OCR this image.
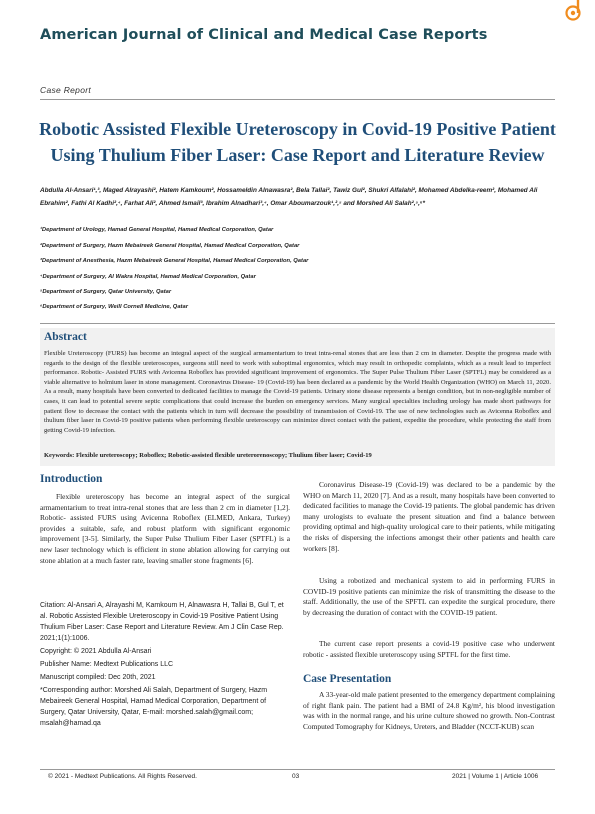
American Journal of Clinical and Medical Case Reports
Case Report
Robotic Assisted Flexible Ureteroscopy in Covid-19 Positive Patient Using Thulium Fiber Laser: Case Report and Literature Review
Abdulla Al-Ansari¹,³, Maged Alrayashi², Hatem Kamkoum², Hossameldin Alnawasra², Bela Tallai², Tawiz Gul², Shukri Alfalahi², Mohamed Abdelka-reem², Mohamed Ali Ebrahim², Fathi Al Kadhi²,⁴, Farhat Ali², Ahmed Ismail³, Ibrahim Alnadhari³,⁴, Omar Aboumarzouk¹,²,⁵ and Morshed Ali Salah²,⁵,⁶*
¹Department of Urology, Hamad General Hospital, Hamad Medical Corporation, Qatar
²Department of Surgery, Hazm Mebaireek General Hospital, Hamad Medical Corporation, Qatar
³Department of Anesthesia, Hazm Mebaireek General Hospital, Hamad Medical Corporation, Qatar
⁴Department of Surgery, Al Wakra Hospital, Hamad Medical Corporation, Qatar
⁵Department of Surgery, Qatar University, Qatar
⁶Department of Surgery, Weill Cornell Medicine, Qatar
Abstract
Flexible Ureteroscopy (FURS) has become an integral aspect of the surgical armamentarium to treat intra-renal stones that are less than 2 cm in diameter. Despite the progress made with regards to the design of the flexible ureteroscopes, surgeons still need to work with suboptimal ergonomics, which may result in orthopedic complaints, which as a result lead to imperfect performance. Robotic- Assisted FURS with Avicenna Roboflex has provided significant improvement of ergonomics. The Super Pulse Thulium Fiber Laser (SPTFL) may be considered as a viable alternative to holmium laser in stone management. Coronavirus Disease- 19 (Covid-19) has been declared as a pandemic by the World Health Organization (WHO) on March 11, 2020. As a result, many hospitals have been converted to dedicated facilities to manage the Covid-19 patients. Urinary stone disease represents a benign condition, but in non-negligible number of cases, it can lead to potential severe septic complications that could increase the burden on emergency services. Many surgical specialties including urology has made short pathways for patient flow to decrease the contact with the patients which in turn will decrease the possibility of transmission of Covid-19. The use of new technologies such as Avicenna Roboflex and thulium fiber laser in Covid-19 positive patients when performing flexible ureteroscopy can minimize direct contact with the patient, expedite the procedure, while protecting the staff from getting Covid-19 infection.
Keywords: Flexible ureteroscopy; Roboflex; Robotic-assisted flexible ureterorenoscopy; Thulium fiber laser; Covid-19
Introduction
Flexible ureteroscopy has become an integral aspect of the surgical armamentarium to treat intra-renal stones that are less than 2 cm in diameter [1,2]. Robotic- assisted FURS using Avicenna Roboflex (ELMED, Ankara, Turkey) provides a suitable, safe, and robust platform with significant ergonomic improvement [3-5]. Similarly, the Super Pulse Thulium Fiber Laser (SPTFL) is a new laser technology which is efficient in stone ablation allowing for carrying out stone ablation at a much faster rate, leaving smaller stone fragments [6].

Citation: Al-Ansari A, Alrayashi M, Kamkoum H, Alnawasra H, Tallai B, Gul T, et al. Robotic Assisted Flexible Ureteroscopy in Covid-19 Positive Patient Using Thulium Fiber Laser: Case Report and Literature Review. Am J Clin Case Rep. 2021;1(1):1006.

Copyright: © 2021 Abdulla Al-Ansari

Publisher Name: Medtext Publications LLC

Manuscript compiled: Dec 20th, 2021

*Corresponding author: Morshed Ali Salah, Department of Surgery, Hazm Mebaireek General Hospital, Hamad Medical Corporation, Department of Surgery, Qatar University, Qatar, E-mail: morshed.salah@gmail.com; msalah@hamad.qa

Coronavirus Disease-19 (Covid-19) was declared to be a pandemic by the WHO on March 11, 2020 [7]. And as a result, many hospitals have been converted to dedicated facilities to manage the Covid-19 patients. The global pandemic has driven many urologists to evaluate the present situation and find a balance between providing optimal and high-quality urological care to their patients, while mitigating the risks of dispersing the infections amongst their other patients and health care workers [8].
Using a robotized and mechanical system to aid in performing FURS in COVID-19 positive patients can minimize the risk of transmitting the disease to the staff. Additionally, the use of the SPFTL can expedite the surgical procedure, there by decreasing the duration of contact with the COVID-19 patient.
The current case report presents a covid-19 positive case who underwent robotic - assisted flexible ureteroscopy using SPTFL for the first time.
Case Presentation
A 33-year-old male patient presented to the emergency department complaining of right flank pain. The patient had a BMI of 24.8 Kg/m², his blood investigation was with in the normal range, and his urine culture showed no growth. Non-Contrast Computed Tomography for Kidneys, Ureters, and Bladder (NCCT-KUB) scan
© 2021 - Medtext Publications. All Rights Reserved.	03	2021 | Volume 1 | Article 1006
